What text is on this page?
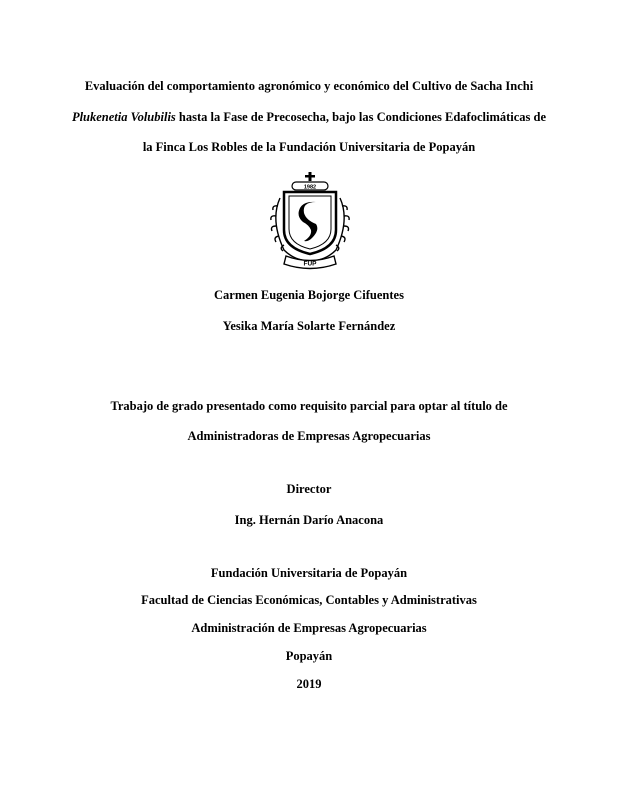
Evaluación del comportamiento agronómico y económico del Cultivo de Sacha Inchi
Plukenetia Volubilis hasta la Fase de Precosecha, bajo las Condiciones Edafoclimáticas de
la Finca Los Robles de la Fundación Universitaria de Popayán
1982
FUP
Carmen Eugenia Bojorge Cifuentes
Yesika María Solarte Fernández
Trabajo de grado presentado como requisito parcial para optar al título de
Administradoras de Empresas Agropecuarias
Director
Ing. Hernán Darío Anacona
Fundación Universitaria de Popayán
Facultad de Ciencias Económicas, Contables y Administrativas
Administración de Empresas Agropecuarias
Popayán
2019
